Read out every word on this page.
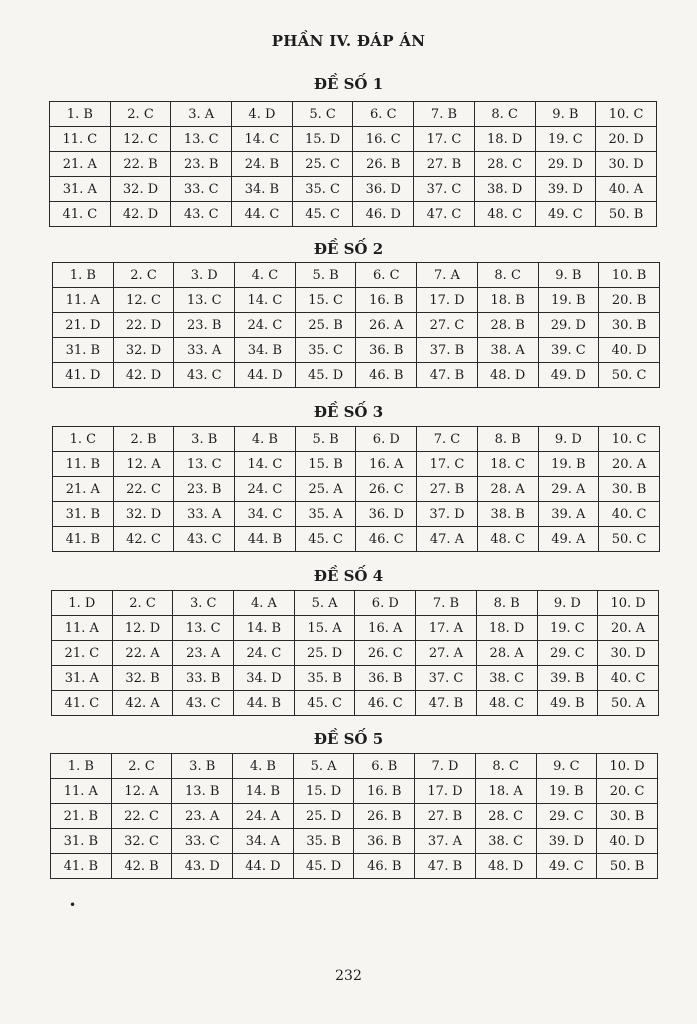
PHẦN IV. ĐÁP ÁN
ĐỀ SỐ 1
1. B	2. C	3. A	4. D	5. C	6. C	7. B	8. C	9. B	10. C
11. C	12. C	13. C	14. C	15. D	16. C	17. C	18. D	19. C	20. D
21. A	22. B	23. B	24. B	25. C	26. B	27. B	28. C	29. D	30. D
31. A	32. D	33. C	34. B	35. C	36. D	37. C	38. D	39. D	40. A
41. C	42. D	43. C	44. C	45. C	46. D	47. C	48. C	49. C	50. B
ĐỀ SỐ 2
1. B	2. C	3. D	4. C	5. B	6. C	7. A	8. C	9. B	10. B
11. A	12. C	13. C	14. C	15. C	16. B	17. D	18. B	19. B	20. B
21. D	22. D	23. B	24. C	25. B	26. A	27. C	28. B	29. D	30. B
31. B	32. D	33. A	34. B	35. C	36. B	37. B	38. A	39. C	40. D
41. D	42. D	43. C	44. D	45. D	46. B	47. B	48. D	49. D	50. C
ĐỀ SỐ 3
1. C	2. B	3. B	4. B	5. B	6. D	7. C	8. B	9. D	10. C
11. B	12. A	13. C	14. C	15. B	16. A	17. C	18. C	19. B	20. A
21. A	22. C	23. B	24. C	25. A	26. C	27. B	28. A	29. A	30. B
31. B	32. D	33. A	34. C	35. A	36. D	37. D	38. B	39. A	40. C
41. B	42. C	43. C	44. B	45. C	46. C	47. A	48. C	49. A	50. C
ĐỀ SỐ 4
1. D	2. C	3. C	4. A	5. A	6. D	7. B	8. B	9. D	10. D
11. A	12. D	13. C	14. B	15. A	16. A	17. A	18. D	19. C	20. A
21. C	22. A	23. A	24. C	25. D	26. C	27. A	28. A	29. C	30. D
31. A	32. B	33. B	34. D	35. B	36. B	37. C	38. C	39. B	40. C
41. C	42. A	43. C	44. B	45. C	46. C	47. B	48. C	49. B	50. A
ĐỀ SỐ 5
1. B	2. C	3. B	4. B	5. A	6. B	7. D	8. C	9. C	10. D
11. A	12. A	13. B	14. B	15. D	16. B	17. D	18. A	19. B	20. C
21. B	22. C	23. A	24. A	25. D	26. B	27. B	28. C	29. C	30. B
31. B	32. C	33. C	34. A	35. B	36. B	37. A	38. C	39. D	40. D
41. B	42. B	43. D	44. D	45. D	46. B	47. B	48. D	49. C	50. B
•
232
